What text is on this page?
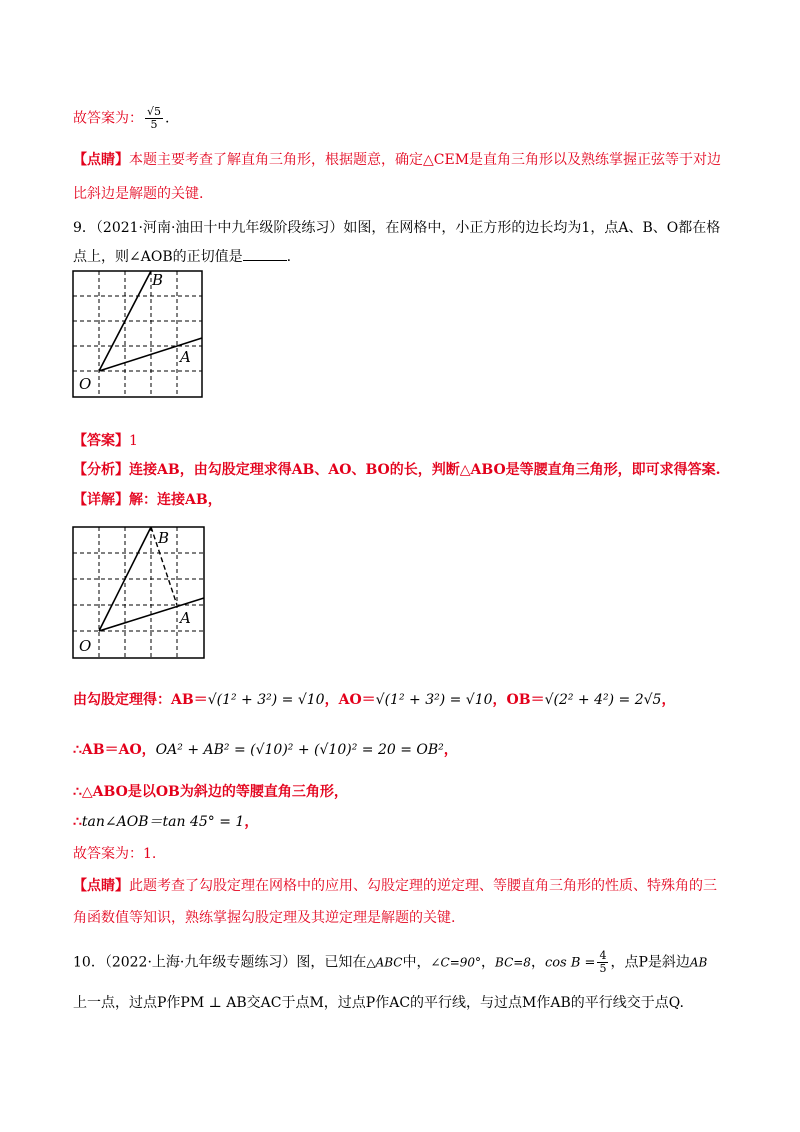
故答案为： $\frac{√5}{5}$ .
【点睛】本题主要考查了解直角三角形，根据题意，确定△CEM是直角三角形以及熟练掌握正弦等于对边
比斜边是解题的关键.
9．（2021·河南·油田十中九年级阶段练习）如图，在网格中，小正方形的边长均为1，点A、B、O都在格
点上，则∠AOB的正切值是	.
B
A
O
【答案】1
【分析】连接AB，由勾股定理求得AB、AO、BO的长，判断△ABO是等腰直角三角形，即可求得答案.
【详解】解：连接AB，
B
A
O
由勾股定理得：AB＝√(1² + 3²) = √10，AO＝√(1² + 3²) = √10，OB＝√(2² + 4²) = 2√5，
∴AB＝AO，OA² + AB² = (√10)² + (√10)² = 20 = OB²，
∴△ABO是以OB为斜边的等腰直角三角形，
∴tan∠AOB＝tan 45° = 1，
故答案为：1.
【点睛】此题考查了勾股定理在网格中的应用、勾股定理的逆定理、等腰直角三角形的性质、特殊角的三
角函数值等知识，熟练掌握勾股定理及其逆定理是解题的关键.
10．（2022·上海·九年级专题练习）图，已知在△ABC中，∠C=90°，BC=8，$\cos B = \frac{4}{5}$ ，点P是斜边AB
上一点，过点P作PM ⊥ AB交AC于点M，过点P作AC的平行线，与过点M作AB的平行线交于点Q.
